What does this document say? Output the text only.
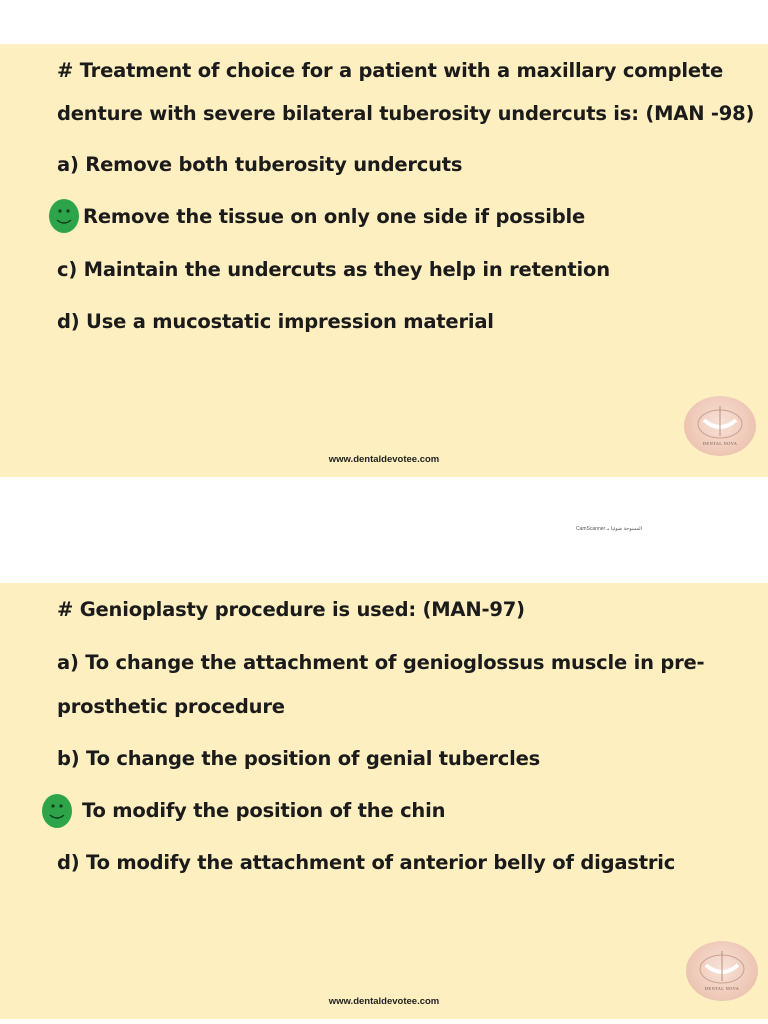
# Treatment of choice for a patient with a maxillary complete
denture with severe bilateral tuberosity undercuts is: (MAN -98)
a) Remove both tuberosity undercuts
Remove the tissue on only one side if possible
c) Maintain the undercuts as they help in retention
d) Use a mucostatic impression material
www.dentaldevotee.com
DENTAL NOVA
CamScanner المسوحة ضوئيا بـ
# Genioplasty procedure is used: (MAN-97)
a) To change the attachment of genioglossus muscle in pre-
prosthetic procedure
b) To change the position of genial tubercles
To modify the position of the chin
d) To modify the attachment of anterior belly of digastric
www.dentaldevotee.com
DENTAL NOVA
